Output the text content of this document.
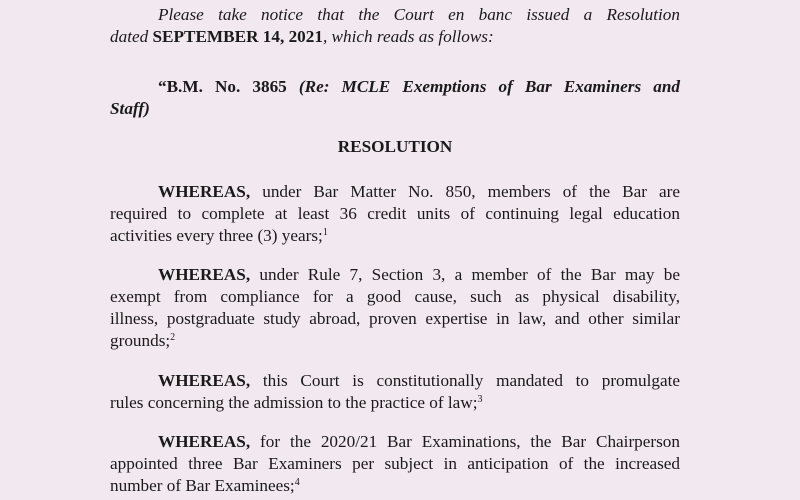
Please take notice that the Court en banc issued a Resolution
dated SEPTEMBER 14, 2021, which reads as follows:
“B.M. No. 3865 (Re: MCLE Exemptions of Bar Examiners and
Staff)
RESOLUTION
WHEREAS, under Bar Matter No. 850, members of the Bar are
required to complete at least 36 credit units of continuing legal education
activities every three (3) years;$^1$
WHEREAS, under Rule 7, Section 3, a member of the Bar may be
exempt from compliance for a good cause, such as physical disability,
illness, postgraduate study abroad, proven expertise in law, and other similar
grounds;$^2$
WHEREAS, this Court is constitutionally mandated to promulgate
rules concerning the admission to the practice of law;$^3$
WHEREAS, for the 2020/21 Bar Examinations, the Bar Chairperson
appointed three Bar Examiners per subject in anticipation of the increased
number of Bar Examinees;$^4$
